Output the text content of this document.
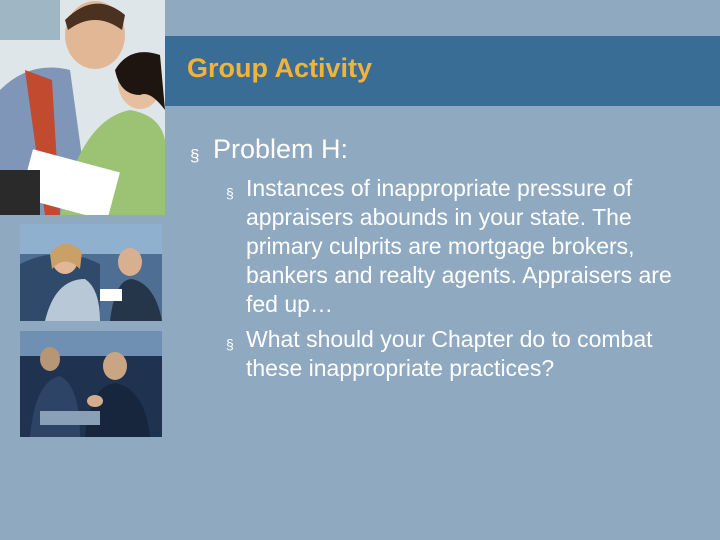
Group Activity
§ Problem H:
§ Instances of inappropriate pressure of appraisers abounds in your state. The primary culprits are mortgage brokers, bankers and realty agents. Appraisers are fed up…
§ What should your Chapter do to combat these inappropriate practices?
